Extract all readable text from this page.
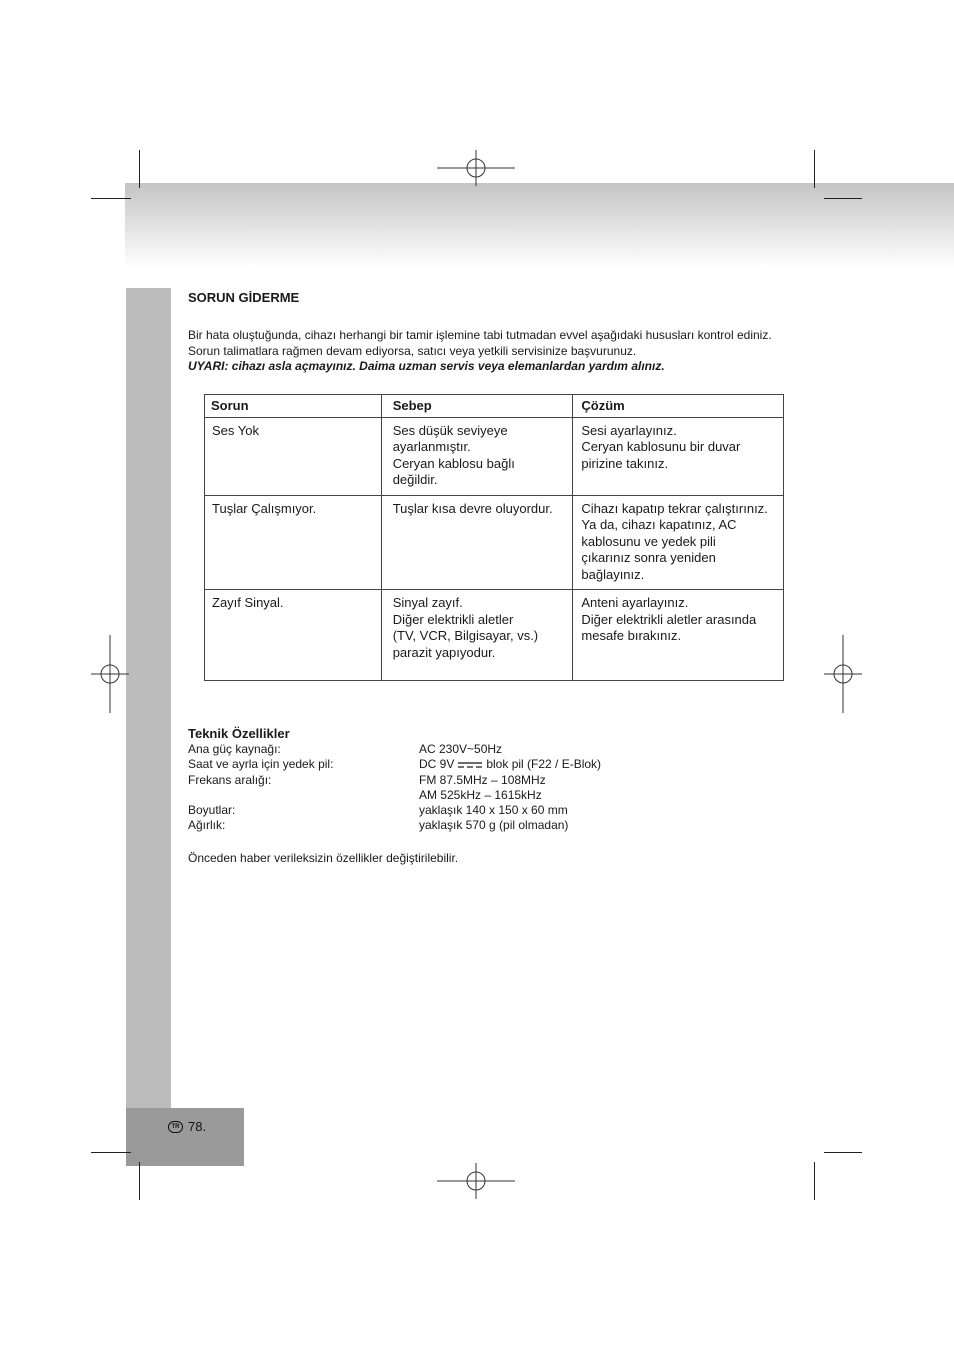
TR 78.
SORUN GİDERME

Bir hata oluştuğunda, cihazı herhangi bir tamir işlemine tabi tutmadan evvel aşağıdaki hususları kontrol ediniz.

Sorun talimatlara rağmen devam ediyorsa, satıcı veya yetkili servisinize başvurunuz.

UYARI: cihazı asla açmayınız. Daima uzman servis veya elemanlardan yardım alınız.

Sorun	Sebep	Çözüm

Ses Yok	Ses düşük seviyeye
ayarlanmıştır.
Ceryan kablosu bağlı
değildir.	Sesi ayarlayınız.
Ceryan kablosunu bir duvar
pirizine takınız.

Tuşlar Çalışmıyor.	Tuşlar kısa devre oluyordur.	Cihazı kapatıp tekrar çalıştırınız.
Ya da, cihazı kapatınız, AC
kablosunu ve yedek pili
çıkarınız sonra yeniden
bağlayınız.

Zayıf Sinyal.	Sinyal zayıf.
Diğer elektrikli aletler
(TV, VCR, Bilgisayar, vs.)
parazit yapıyodur.	Anteni ayarlayınız.
Diğer elektrikli aletler arasında
mesafe bırakınız.
Teknik Özellikler
Ana güç kaynağı:	AC 230V~50Hz
Saat ve ayrla için yedek pil:	DC 9V	blok pil (F22 / E-Blok)
Frekans aralığı:	FM 87.5MHz – 108MHz
AM 525kHz – 1615kHz
Boyutlar:	yaklaşık 140 x 150 x 60 mm
Ağırlık:	yaklaşık 570 g (pil olmadan)
Önceden haber verileksizin özellikler değiştirilebilir.
